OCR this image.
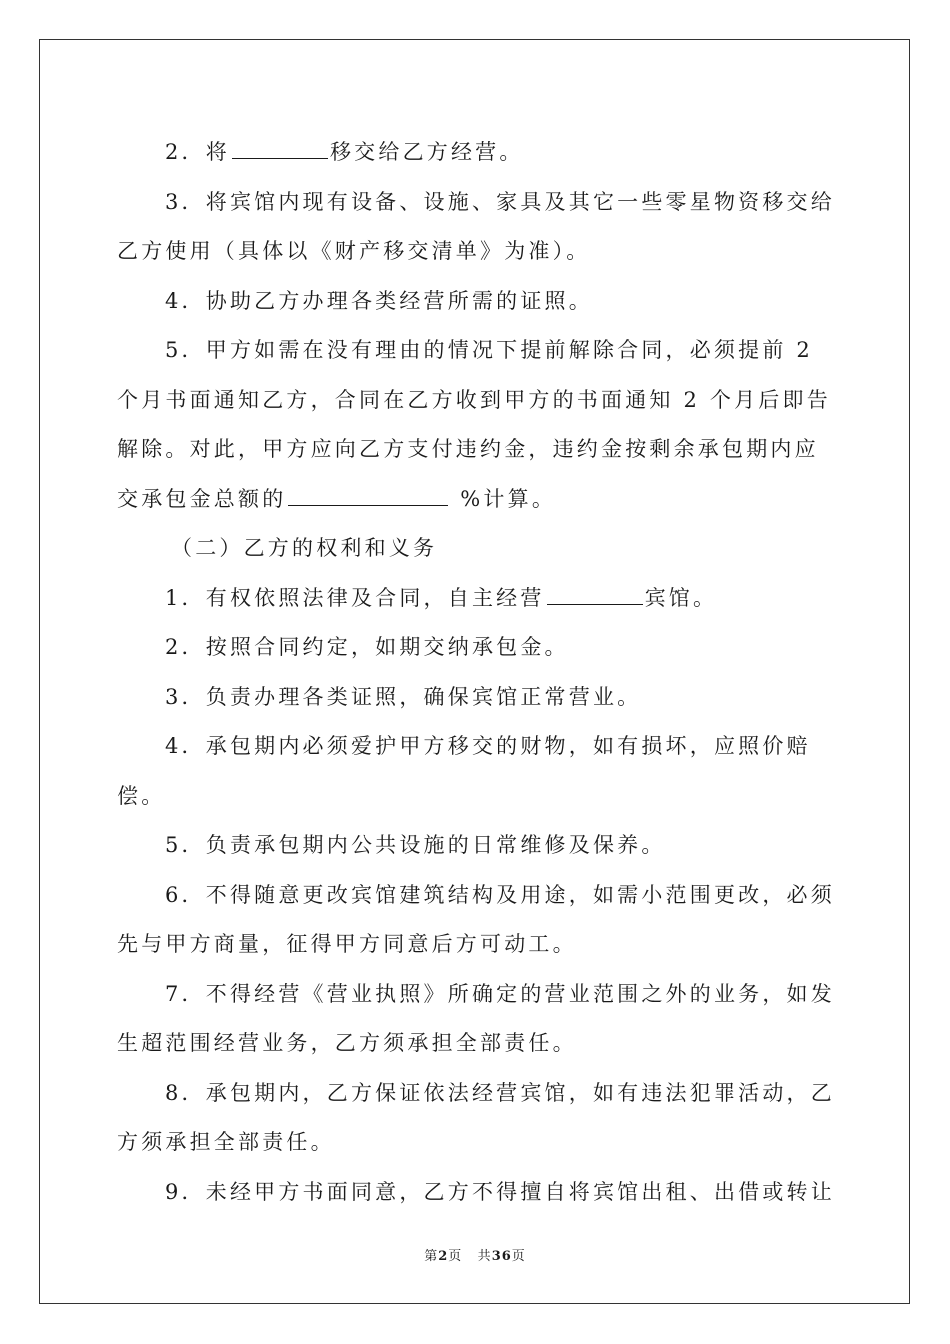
2．将	移交给乙方经营。

3．将宾馆内现有设备、设施、家具及其它一些零星物资移交给乙方使用（具体以《财产移交清单》为准）。

4．协助乙方办理各类经营所需的证照。

5．甲方如需在没有理由的情况下提前解除合同，必须提前 2 个月书面通知乙方，合同在乙方收到甲方的书面通知 2 个月后即告解除。对此，甲方应向乙方支付违约金，违约金按剩余承包期内应交承包金总额的	%计算。

（二）乙方的权利和义务

1．有权依照法律及合同，自主经营	宾馆。

2．按照合同约定，如期交纳承包金。

3．负责办理各类证照，确保宾馆正常营业。

4．承包期内必须爱护甲方移交的财物，如有损坏，应照价赔偿。

5．负责承包期内公共设施的日常维修及保养。

6．不得随意更改宾馆建筑结构及用途，如需小范围更改，必须先与甲方商量，征得甲方同意后方可动工。

7．不得经营《营业执照》所确定的营业范围之外的业务，如发生超范围经营业务，乙方须承担全部责任。

8．承包期内，乙方保证依法经营宾馆，如有违法犯罪活动，乙方须承担全部责任。

9．未经甲方书面同意，乙方不得擅自将宾馆出租、出借或转让

第2页 共36页
